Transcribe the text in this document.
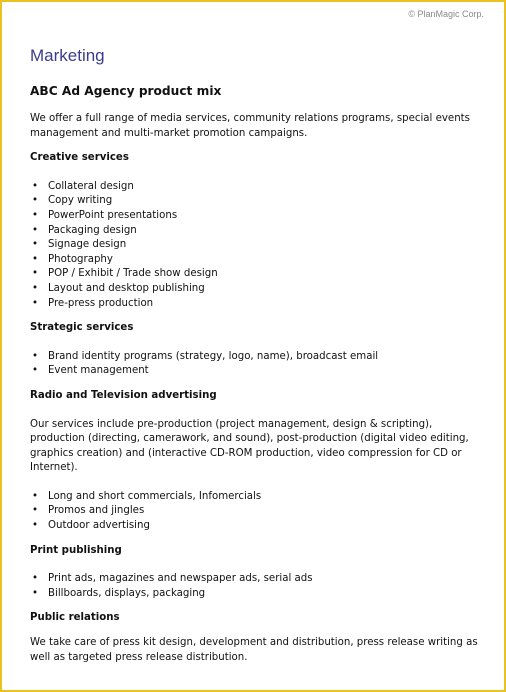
© PlanMagic Corp.
Marketing
ABC Ad Agency product mix

We offer a full range of media services, community relations programs, special events management and multi-market promotion campaigns.

Creative services
• Collateral design
• Copy writing
• PowerPoint presentations
• Packaging design
• Signage design
• Photography
• POP / Exhibit / Trade show design
• Layout and desktop publishing
• Pre-press production
Strategic services
• Brand identity programs (strategy, logo, name), broadcast email
• Event management
Radio and Television advertising

Our services include pre-production (project management, design & scripting), production (directing, camerawork, and sound), post-production (digital video editing, graphics creation) and (interactive CD-ROM production, video compression for CD or Internet).

• Long and short commercials, Infomercials
• Promos and jingles
• Outdoor advertising
Print publishing
• Print ads, magazines and newspaper ads, serial ads
• Billboards, displays, packaging
Public relations

We take care of press kit design, development and distribution, press release writing as well as targeted press release distribution.
